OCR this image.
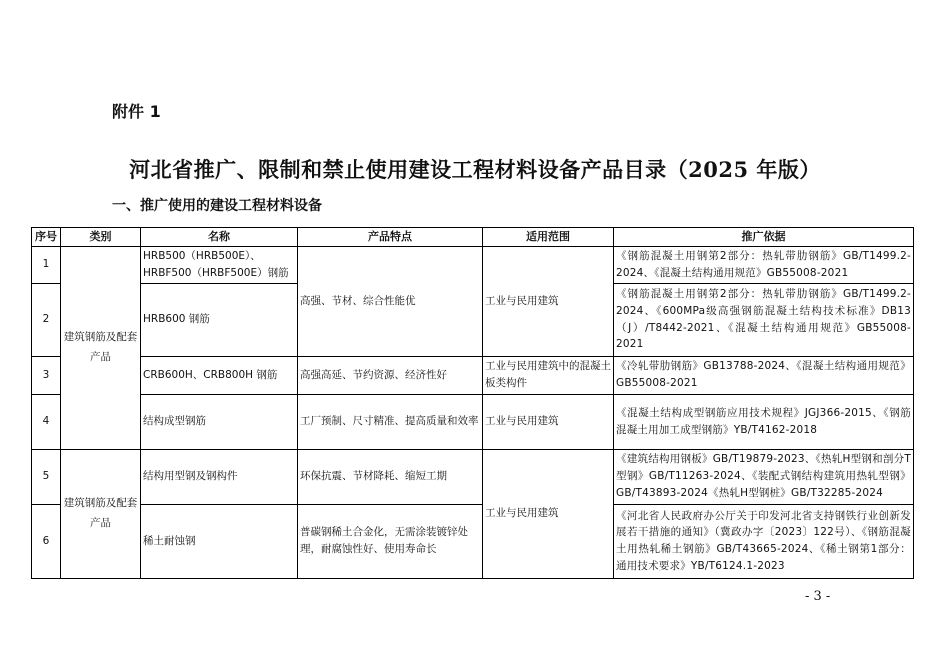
附件 1
河北省推广、限制和禁止使用建设工程材料设备产品目录（2025 年版）
一、推广使用的建设工程材料设备
序号	类别	名称	产品特点	适用范围	推广依据
1	建筑钢筋及配套产品	HRB500（HRB500E）、HRBF500（HRBF500E）钢筋	高强、节材、综合性能优	工业与民用建筑	《钢筋混凝土用钢第2部分：热轧带肋钢筋》GB/T1499.2-2024、《混凝土结构通用规范》GB55008-2021
2		HRB600 钢筋			《钢筋混凝土用钢第2部分：热轧带肋钢筋》GB/T1499.2-2024、《600MPa级高强钢筋混凝土结构技术标准》DB13（J）/T8442-2021、《混凝土结构通用规范》GB55008-2021
3		CRB600H、CRB800H 钢筋	高强高延、节约资源、经济性好	工业与民用建筑中的混凝土板类构件	《冷轧带肋钢筋》GB13788-2024、《混凝土结构通用规范》GB55008-2021
4		结构成型钢筋	工厂预制、尺寸精准、提高质量和效率	工业与民用建筑	《混凝土结构成型钢筋应用技术规程》JGJ366-2015、《钢筋混凝土用加工成型钢筋》YB/T4162-2018
5	建筑钢筋及配套产品	结构用型钢及钢构件	环保抗震、节材降耗、缩短工期	工业与民用建筑	《建筑结构用钢板》GB/T19879-2023、《热轧H型钢和剖分T型钢》GB/T11263-2024、《装配式钢结构建筑用热轧型钢》GB/T43893-2024《热轧H型钢桩》GB/T32285-2024
6		稀土耐蚀钢	普碳钢稀土合金化，无需涂装镀锌处理，耐腐蚀性好、使用寿命长		《河北省人民政府办公厅关于印发河北省支持钢铁行业创新发展若干措施的通知》（冀政办字〔2023〕122号）、《钢筋混凝土用热轧稀土钢筋》GB/T43665-2024、《稀土钢第1部分：通用技术要求》YB/T6124.1-2023
- 3 -
